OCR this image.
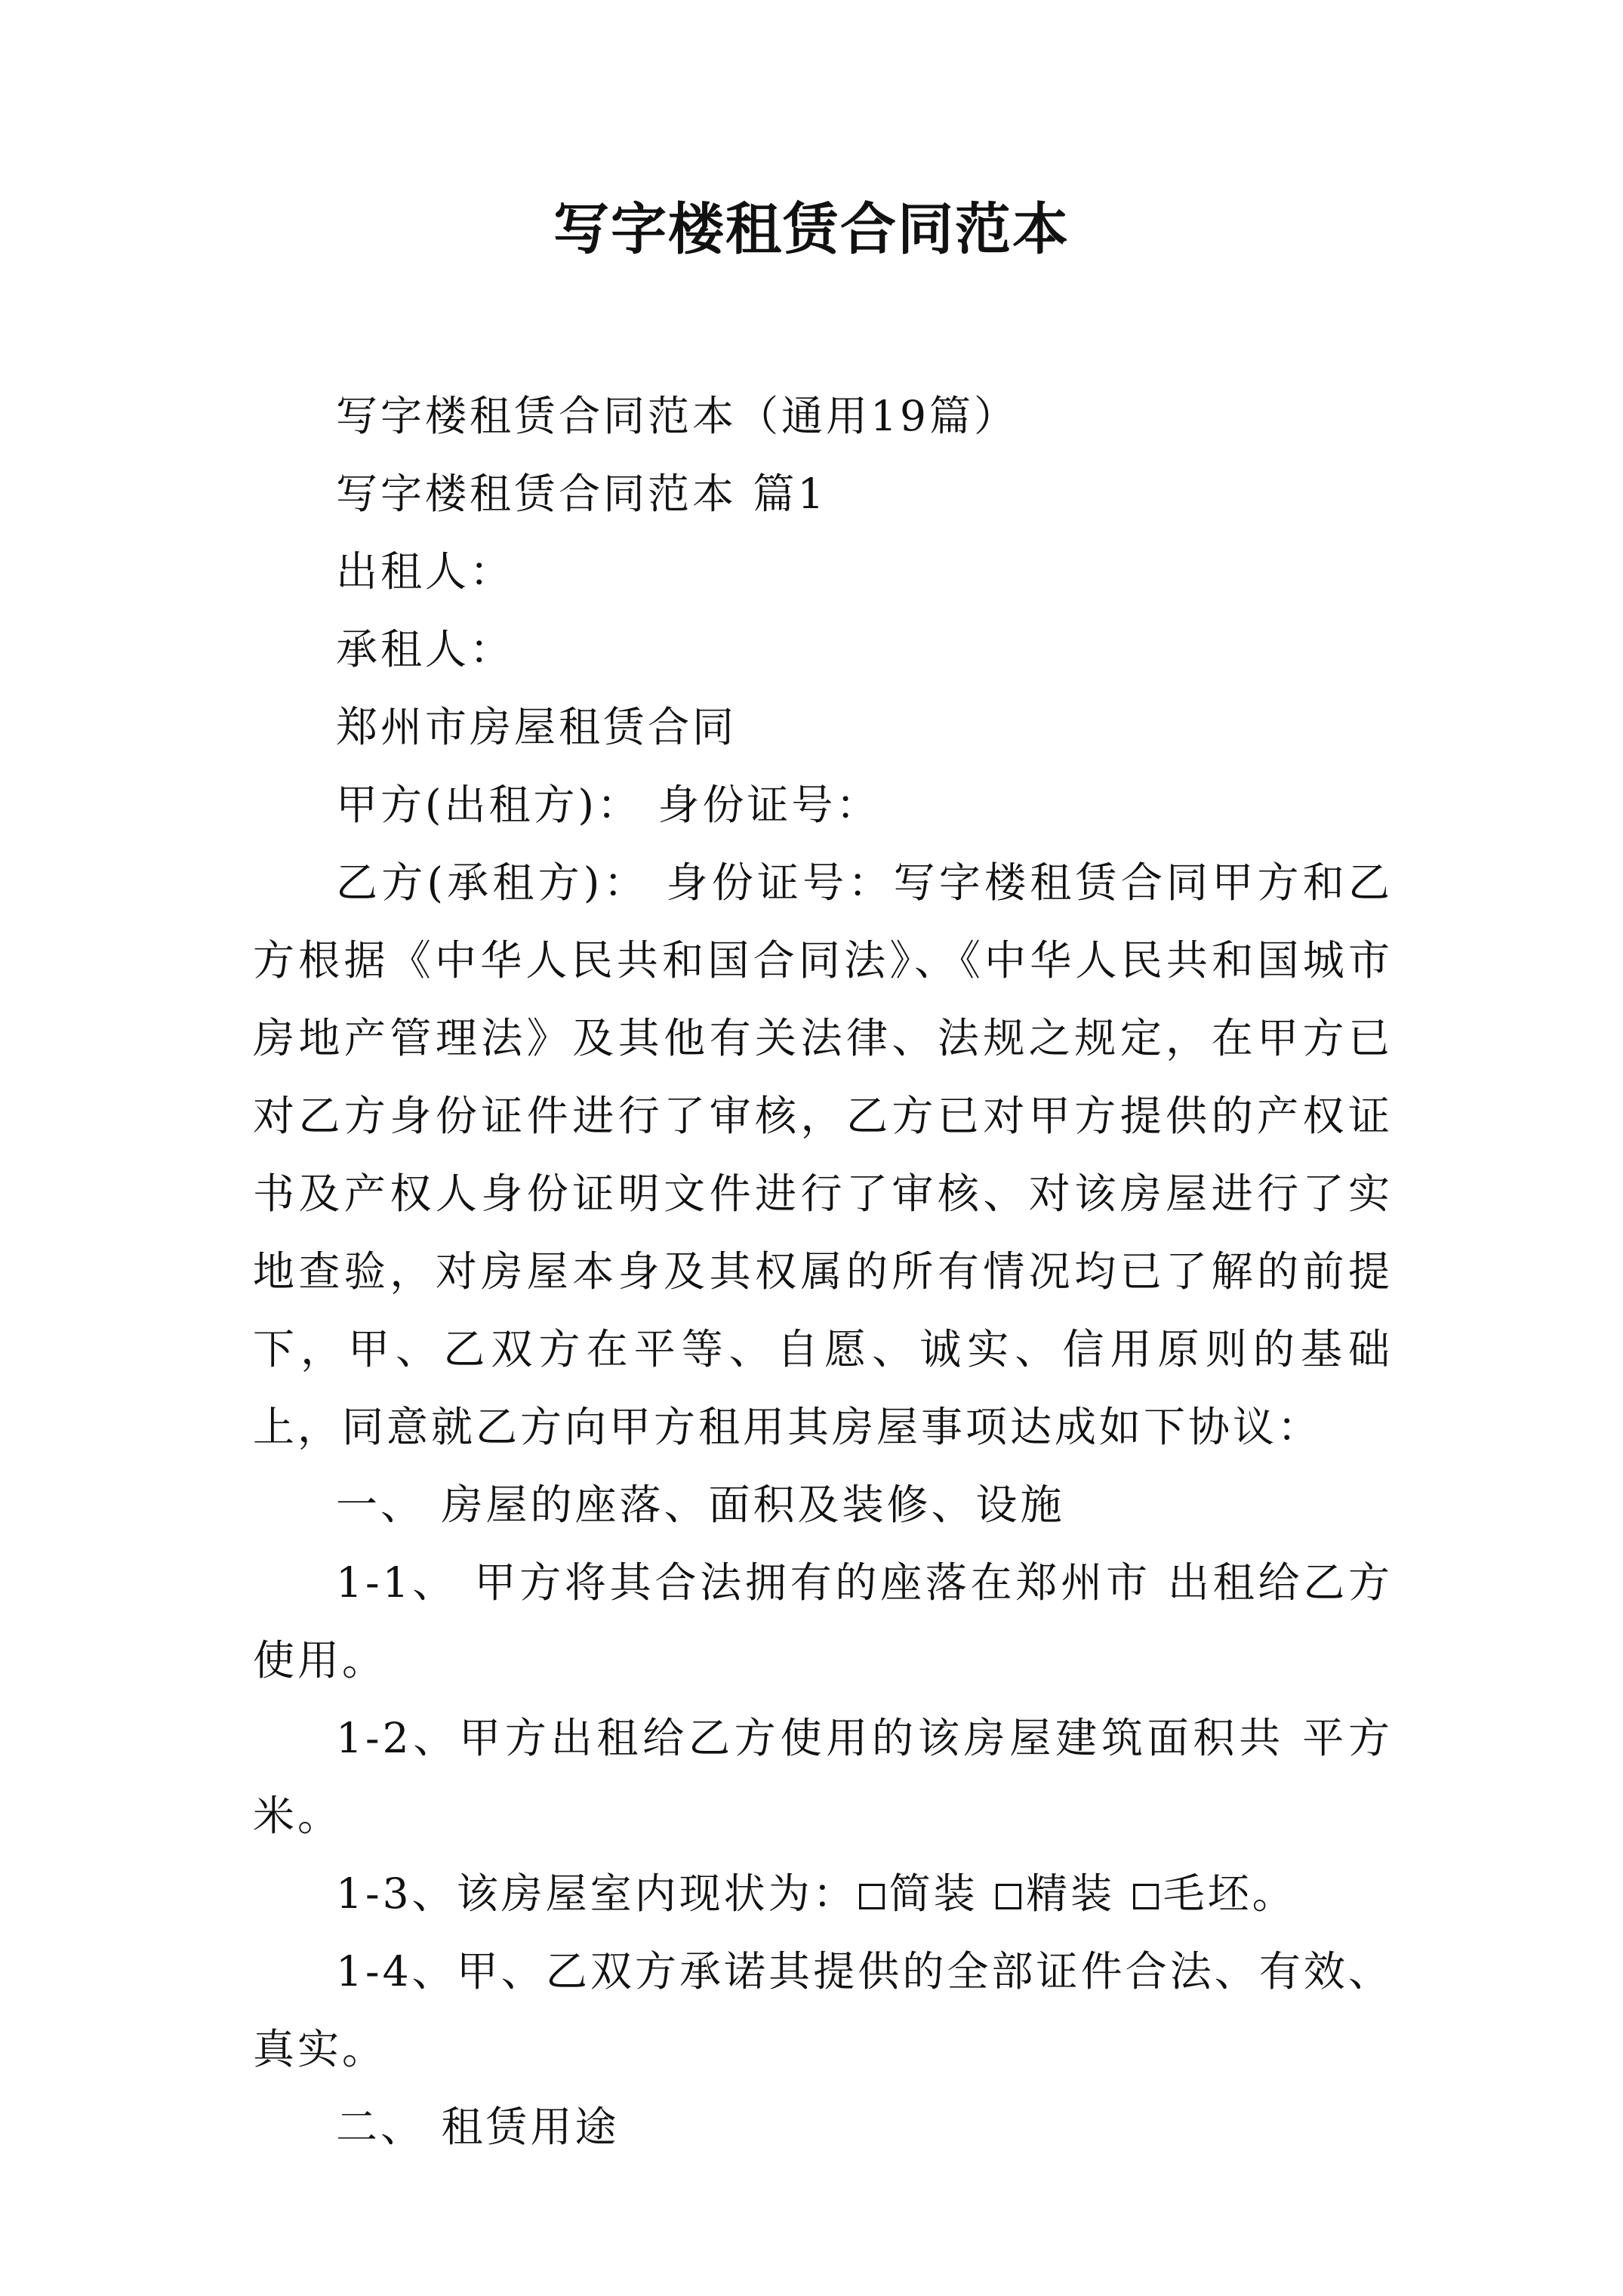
写字楼租赁合同范本

写字楼租赁合同范本（通用19篇）

写字楼租赁合同范本 篇1

出租人：

承租人：

郑州市房屋租赁合同

甲方(出租方)： 身份证号：

乙方(承租方)： 身份证号：写字楼租赁合同甲方和乙方根据《中华人民共和国合同法》、《中华人民共和国城市房地产管理法》及其他有关法律、法规之规定，在甲方已对乙方身份证件进行了审核，乙方已对甲方提供的产权证书及产权人身份证明文件进行了审核、对该房屋进行了实地查验，对房屋本身及其权属的所有情况均已了解的前提下，甲、乙双方在平等、自愿、诚实、信用原则的基础上，同意就乙方向甲方租用其房屋事项达成如下协议：

一、 房屋的座落、面积及装修、设施

1-1、 甲方将其合法拥有的座落在郑州市 出租给乙方使用。

1-2、甲方出租给乙方使用的该房屋建筑面积共 平方米。

1-3、该房屋室内现状为： 简装 精装 毛坯。

1-4、甲、乙双方承诺其提供的全部证件合法、有效、真实。

二、 租赁用途
